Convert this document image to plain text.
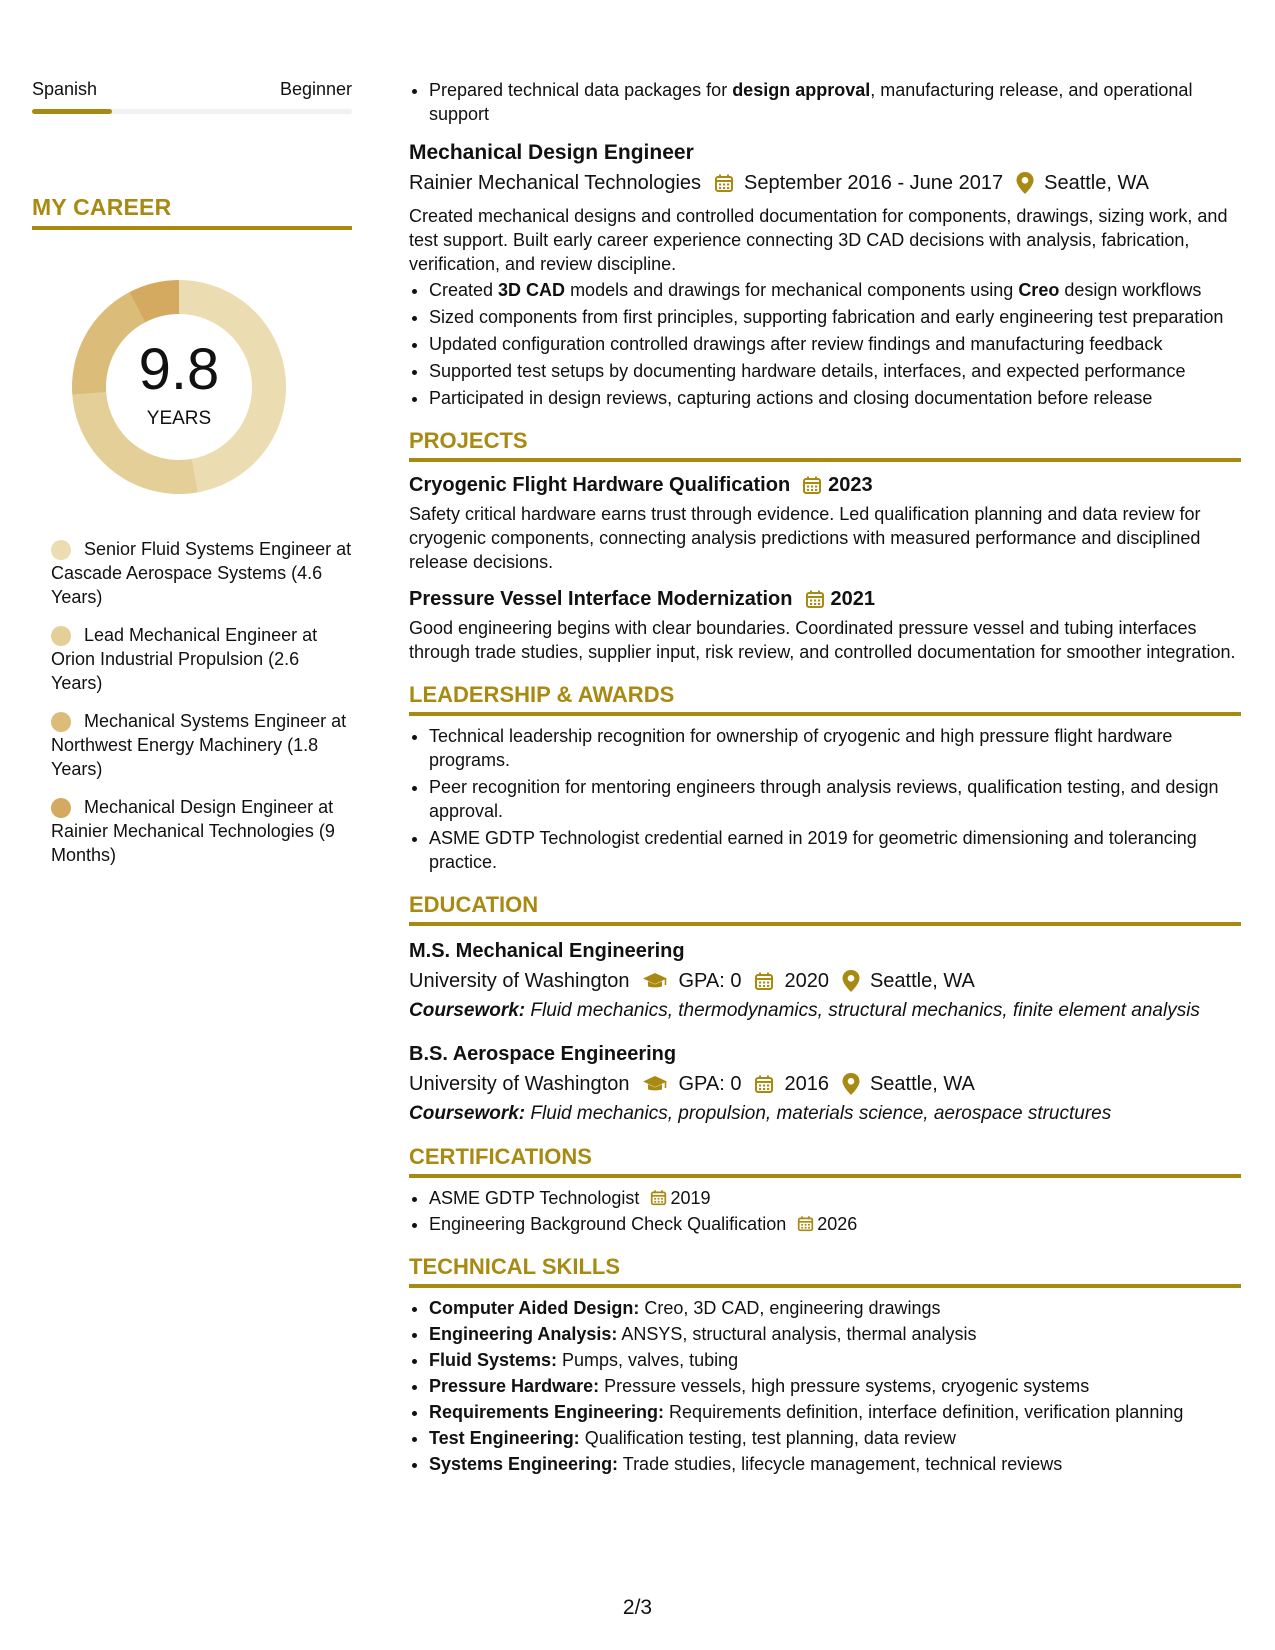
Spanish	Beginner
MY CAREER
9.8
YEARS
Senior Fluid Systems Engineer at Cascade Aerospace Systems (4.6 Years)
Lead Mechanical Engineer at Orion Industrial Propulsion (2.6 Years)
Mechanical Systems Engineer at Northwest Energy Machinery (1.8 Years)
Mechanical Design Engineer at Rainier Mechanical Technologies (9 Months)
• Prepared technical data packages for design approval, manufacturing release, and operational support
Mechanical Design Engineer
Rainier Mechanical Technologies September 2016 - June 2017 Seattle, WA
Created mechanical designs and controlled documentation for components, drawings, sizing work, and test support. Built early career experience connecting 3D CAD decisions with analysis, fabrication, verification, and review discipline.
• Created 3D CAD models and drawings for mechanical components using Creo design workflows
• Sized components from first principles, supporting fabrication and early engineering test preparation
• Updated configuration controlled drawings after review findings and manufacturing feedback
• Supported test setups by documenting hardware details, interfaces, and expected performance
• Participated in design reviews, capturing actions and closing documentation before release
PROJECTS
Cryogenic Flight Hardware Qualification 2023
Safety critical hardware earns trust through evidence. Led qualification planning and data review for cryogenic components, connecting analysis predictions with measured performance and disciplined release decisions.
Pressure Vessel Interface Modernization 2021
Good engineering begins with clear boundaries. Coordinated pressure vessel and tubing interfaces through trade studies, supplier input, risk review, and controlled documentation for smoother integration.
LEADERSHIP & AWARDS
• Technical leadership recognition for ownership of cryogenic and high pressure flight hardware programs.
• Peer recognition for mentoring engineers through analysis reviews, qualification testing, and design approval.
• ASME GDTP Technologist credential earned in 2019 for geometric dimensioning and tolerancing practice.
EDUCATION
M.S. Mechanical Engineering
University of Washington GPA: 0 2020 Seattle, WA
Coursework: Fluid mechanics, thermodynamics, structural mechanics, finite element analysis
B.S. Aerospace Engineering
University of Washington GPA: 0 2016 Seattle, WA
Coursework: Fluid mechanics, propulsion, materials science, aerospace structures
CERTIFICATIONS
• ASME GDTP Technologist 2019
• Engineering Background Check Qualification 2026
TECHNICAL SKILLS
• Computer Aided Design: Creo, 3D CAD, engineering drawings
• Engineering Analysis: ANSYS, structural analysis, thermal analysis
• Fluid Systems: Pumps, valves, tubing
• Pressure Hardware: Pressure vessels, high pressure systems, cryogenic systems
• Requirements Engineering: Requirements definition, interface definition, verification planning
• Test Engineering: Qualification testing, test planning, data review
• Systems Engineering: Trade studies, lifecycle management, technical reviews
2/3
